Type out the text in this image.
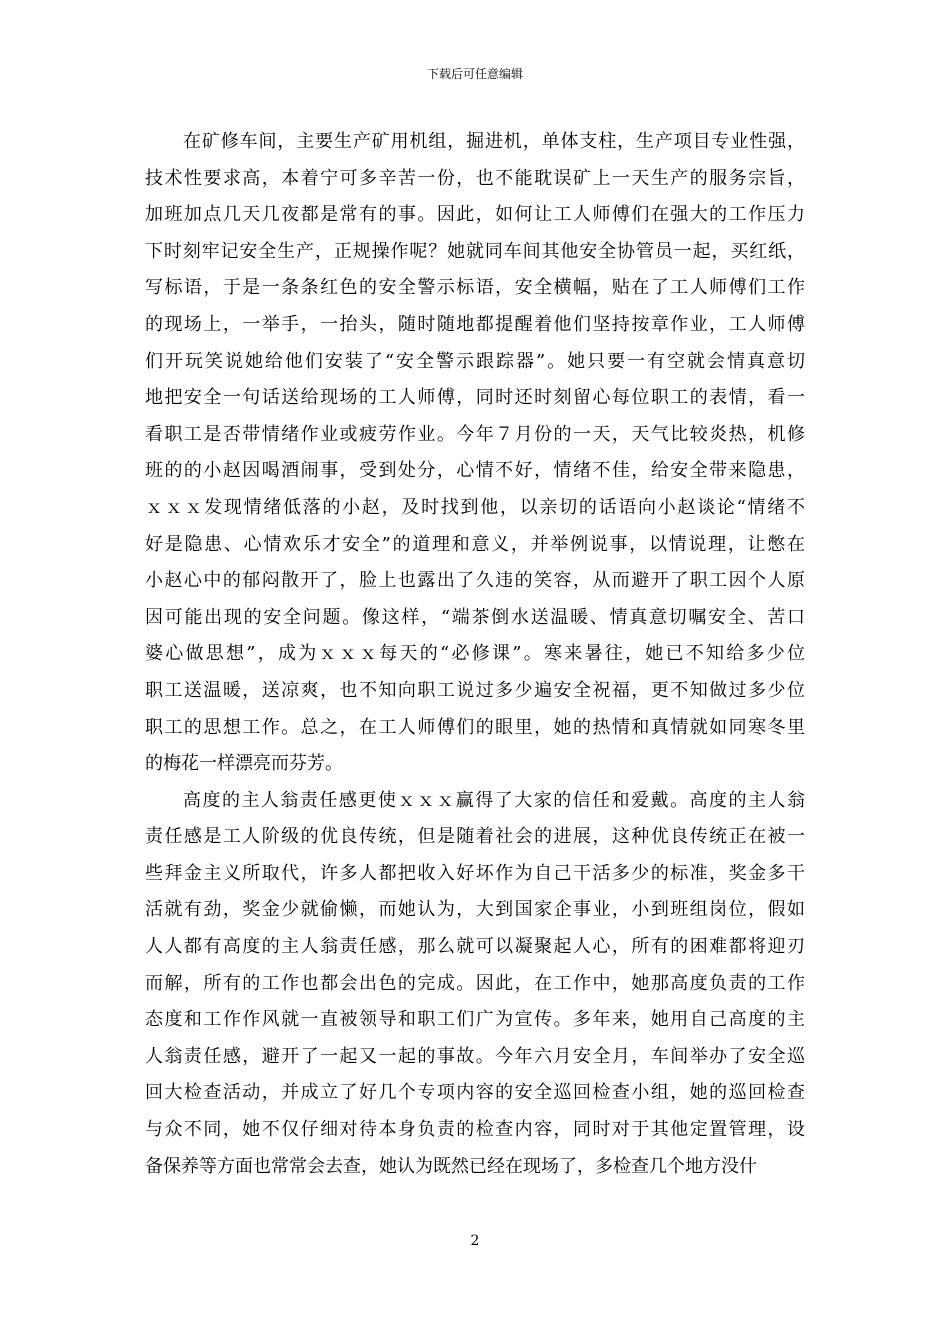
下载后可任意编辑
在矿修车间，主要生产矿用机组，掘进机，单体支柱，生产项目专业性强，
技术性要求高，本着宁可多辛苦一份，也不能耽误矿上一天生产的服务宗旨，
加班加点几天几夜都是常有的事。因此，如何让工人师傅们在强大的工作压力
下时刻牢记安全生产，正规操作呢？她就同车间其他安全协管员一起，买红纸，
写标语，于是一条条红色的安全警示标语，安全横幅，贴在了工人师傅们工作
的现场上，一举手，一抬头，随时随地都提醒着他们坚持按章作业，工人师傅
们开玩笑说她给他们安装了“安全警示跟踪器”。她只要一有空就会情真意切
地把安全一句话送给现场的工人师傅，同时还时刻留心每位职工的表情，看一
看职工是否带情绪作业或疲劳作业。今年７月份的一天，天气比较炎热，机修
班的的小赵因喝酒闹事，受到处分，心情不好，情绪不佳，给安全带来隐患，
ｘｘｘ发现情绪低落的小赵，及时找到他，以亲切的话语向小赵谈论“情绪不
好是隐患、心情欢乐才安全”的道理和意义，并举例说事，以情说理，让憋在
小赵心中的郁闷散开了，脸上也露出了久违的笑容，从而避开了职工因个人原
因可能出现的安全问题。像这样，“端茶倒水送温暖、情真意切嘱安全、苦口
婆心做思想”，成为ｘｘｘ每天的“必修课”。寒来暑往，她已不知给多少位
职工送温暖，送凉爽，也不知向职工说过多少遍安全祝福，更不知做过多少位
职工的思想工作。总之，在工人师傅们的眼里，她的热情和真情就如同寒冬里
的梅花一样漂亮而芬芳。
高度的主人翁责任感更使ｘｘｘ赢得了大家的信任和爱戴。高度的主人翁
责任感是工人阶级的优良传统，但是随着社会的进展，这种优良传统正在被一
些拜金主义所取代，许多人都把收入好坏作为自己干活多少的标准，奖金多干
活就有劲，奖金少就偷懒，而她认为，大到国家企事业，小到班组岗位，假如
人人都有高度的主人翁责任感，那么就可以凝聚起人心，所有的困难都将迎刃
而解，所有的工作也都会出色的完成。因此，在工作中，她那高度负责的工作
态度和工作作风就一直被领导和职工们广为宣传。多年来，她用自己高度的主
人翁责任感，避开了一起又一起的事故。今年六月安全月，车间举办了安全巡
回大检查活动，并成立了好几个专项内容的安全巡回检查小组，她的巡回检查
与众不同，她不仅仔细对待本身负责的检查内容，同时对于其他定置管理，设
备保养等方面也常常会去查，她认为既然已经在现场了，多检查几个地方没什
2
